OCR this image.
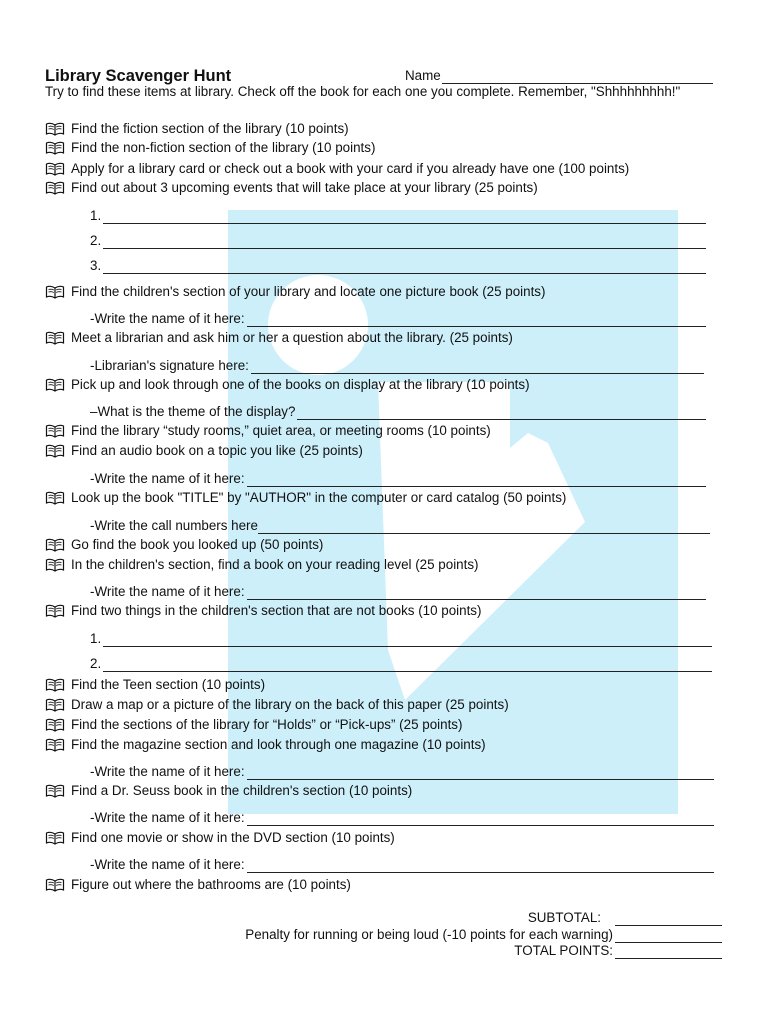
Library Scavenger Hunt	Name
Try to find these items at library. Check off the book for each one you complete. Remember, "Shhhhhhhhh!"
Find the fiction section of the library (10 points)
Find the non-fiction section of the library (10 points)
Apply for a library card or check out a book with your card if you already have one (100 points)
Find out about 3 upcoming events that will take place at your library (25 points)
1.
2.
3.
Find the children's section of your library and locate one picture book (25 points)
-Write the name of it here:
Meet a librarian and ask him or her a question about the library. (25 points)
-Librarian's signature here:
Pick up and look through one of the books on display at the library (10 points)
–What is the theme of the display?
Find the library “study rooms,” quiet area, or meeting rooms (10 points)
Find an audio book on a topic you like (25 points)
-Write the name of it here:
Look up the book "TITLE" by "AUTHOR" in the computer or card catalog (50 points)
-Write the call numbers here
Go find the book you looked up (50 points)
In the children's section, find a book on your reading level (25 points)
-Write the name of it here:
Find two things in the children's section that are not books (10 points)
1.
2.
Find the Teen section (10 points)
Draw a map or a picture of the library on the back of this paper (25 points)
Find the sections of the library for “Holds” or “Pick-ups” (25 points)
Find the magazine section and look through one magazine (10 points)
-Write the name of it here:
Find a Dr. Seuss book in the children's section (10 points)
-Write the name of it here:
Find one movie or show in the DVD section (10 points)
-Write the name of it here:
Figure out where the bathrooms are (10 points)
SUBTOTAL:
Penalty for running or being loud (-10 points for each warning)
TOTAL POINTS:
